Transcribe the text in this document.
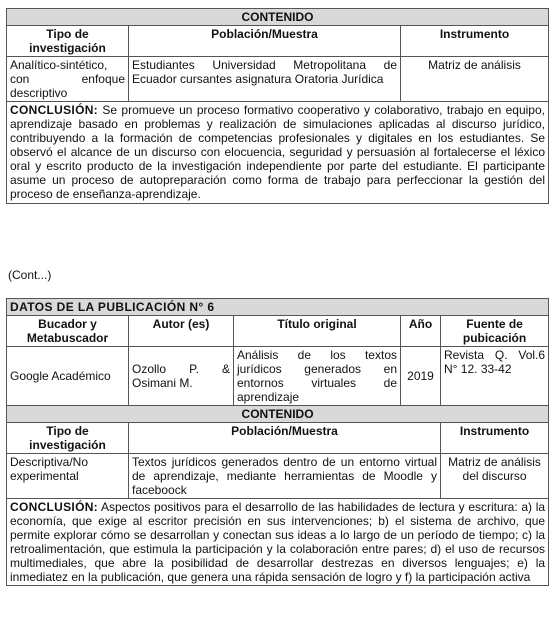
CONTENIDO		
Tipo de investigación	Población/Muestra	Instrumento
Analítico-sintético, con enfoque descriptivo	Estudiantes Universidad Metropolitana de Ecuador cursantes asignatura Oratoria Jurídica	Matriz de análisis
CONCLUSIÓN: Se promueve un proceso formativo cooperativo y colaborativo, trabajo en equipo, aprendizaje basado en problemas y realización de simulaciones aplicadas al discurso jurídico, contribuyendo a la formación de competencias profesionales y digitales en los estudiantes. Se observó el alcance de un discurso con elocuencia, seguridad y persuasión al fortalecerse el léxico oral y escrito producto de la investigación independiente por parte del estudiante. El participante asume un proceso de autopreparación como forma de trabajo para perfeccionar la gestión del proceso de enseñanza-aprendizaje.		
(Cont...)
DATOS DE LA PUBLICACIÓN N° 6				
Bucador y Metabuscador	Autor (es)	Título original	Año	Fuente de pubicación
Google Académico	Ozollo P. & Osimani M.	Análisis de los textos jurídicos generados en entornos virtuales de aprendizaje	2019	Revista Q. Vol.6 N° 12. 33-42
CONTENIDO				
Tipo de investigación	Población/Muestra			Instrumento
Descriptiva/No experimental	Textos jurídicos generados dentro de un entorno virtual de aprendizaje, mediante herramientas de Moodle y faceboock			Matriz de análisis del discurso
CONCLUSIÓN: Aspectos positivos para el desarrollo de las habilidades de lectura y escritura: a) la economía, que exige al escritor precisión en sus intervenciones; b) el sistema de archivo, que permite explorar cómo se desarrollan y conectan sus ideas a lo largo de un período de tiempo; c) la retroalimentación, que estimula la participación y la colaboración entre pares; d) el uso de recursos multimediales, que abre la posibilidad de desarrollar destrezas en diversos lenguajes; e) la inmediatez en la publicación, que genera una rápida sensación de logro y f) la participación activa				
